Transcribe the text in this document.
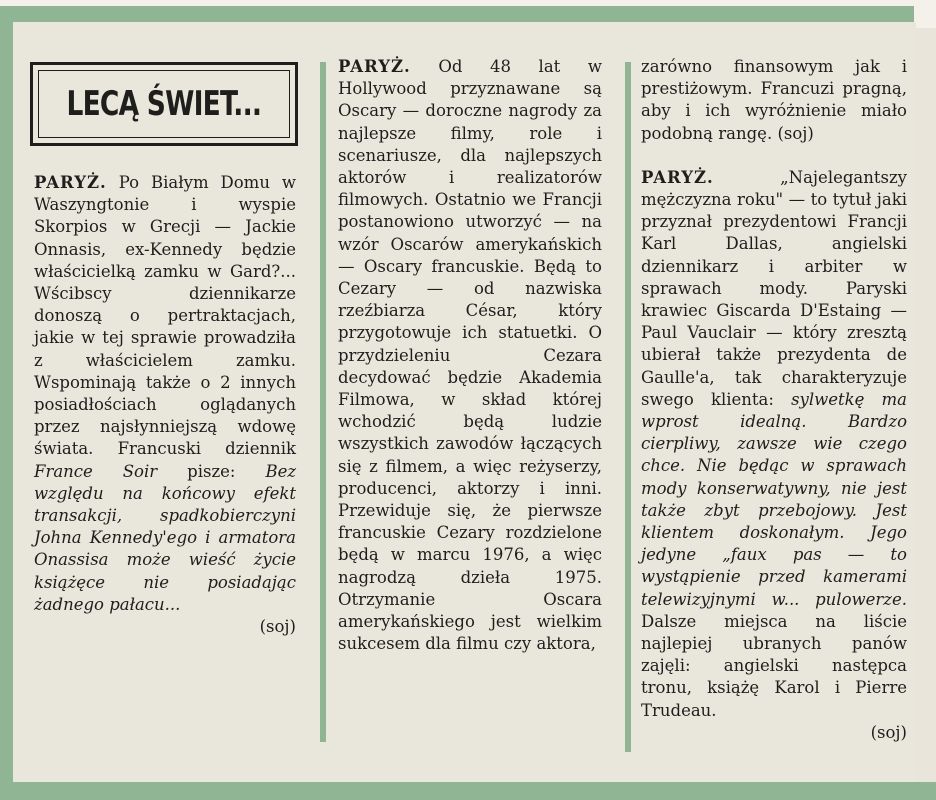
LECĄ ŚWIET...

PARYŻ. Po Białym Domu w Waszyngtonie i wyspie Skorpios w Grecji — Jackie Onnasis, ex-Kennedy będzie właścicielką zamku w Gard?... Wścibscy dziennikarze donoszą o pertraktacjach, jakie w tej sprawie prowadziła z właścicielem zamku. Wspominają także o 2 innych posiadłościach oglądanych przez najsłynniejszą wdowę świata. Francuski dziennik France Soir pisze: Bez względu na końcowy efekt transakcji, spadkobierczyni Johna Kennedy'ego i armatora Onassisa może wieść życie książęce nie posiadając żadnego pałacu...
(soj)

PARYŻ. Od 48 lat w Hollywood przyznawane są Oscary — doroczne nagrody za najlepsze filmy, role i scenariusze, dla najlepszych aktorów i realizatorów filmowych. Ostatnio we Francji postanowiono utworzyć — na wzór Oscarów amerykańskich — Oscary francuskie. Będą to Cezary — od nazwiska rzeźbiarza César, który przygotowuje ich statuetki. O przydzieleniu Cezara decydować będzie Akademia Filmowa, w skład której wchodzić będą ludzie wszystkich zawodów łączących się z filmem, a więc reżyserzy, producenci, aktorzy i inni. Przewiduje się, że pierwsze francuskie Cezary rozdzielone będą w marcu 1976, a więc nagrodzą dzieła 1975. Otrzymanie Oscara amerykańskiego jest wielkim sukcesem dla filmu czy aktora,

zarówno finansowym jak i prestiżowym. Francuzi pragną, aby i ich wyróżnienie miało podobną rangę. (soj)

PARYŻ.	„Najelegantszy mężczyzna roku" — to tytuł jaki przyznał prezydentowi Francji Karl Dallas, angielski dziennikarz i arbiter w sprawach mody. Paryski krawiec Giscarda D'Estaing — Paul Vauclair — który zresztą ubierał także prezydenta de Gaulle'a, tak charakteryzuje swego klienta: sylwetkę ma wprost idealną. Bardzo cierpliwy, zawsze wie czego chce. Nie będąc w sprawach mody konserwatywny, nie jest także zbyt przebojowy. Jest klientem doskonałym. Jego jedyne „faux pas — to wystąpienie przed kamerami telewizyjnymi w... pulowerze. Dalsze miejsca na liście najlepiej ubranych panów zajęli: angielski następca tronu, książę Karol i Pierre Trudeau.
(soj)
